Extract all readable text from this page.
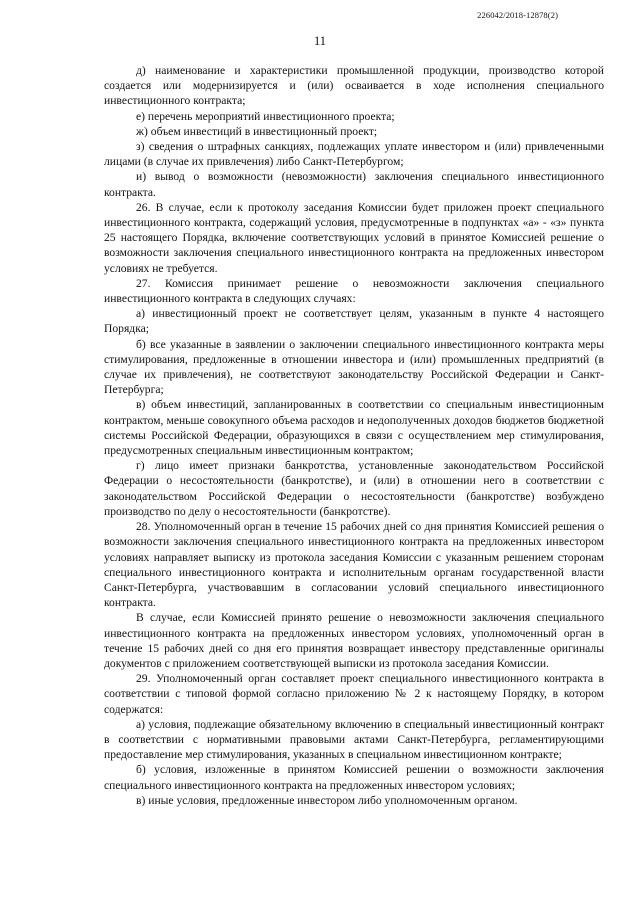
226042/2018-12878(2)
11

д) наименование и характеристики промышленной продукции, производство которой создается или модернизируется и (или) осваивается в ходе исполнения специального инвестиционного контракта;

е) перечень мероприятий инвестиционного проекта;

ж) объем инвестиций в инвестиционный проект;

з) сведения о штрафных санкциях, подлежащих уплате инвестором и (или) привлеченными лицами (в случае их привлечения) либо Санкт-Петербургом;

и) вывод о возможности (невозможности) заключения специального инвестиционного контракта.

26. В случае, если к протоколу заседания Комиссии будет приложен проект специального инвестиционного контракта, содержащий условия, предусмотренные в подпунктах «а» - «з» пункта 25 настоящего Порядка, включение соответствующих условий в принятое Комиссией решение о возможности заключения специального инвестиционного контракта на предложенных инвестором условиях не требуется.

27. Комиссия принимает решение о невозможности заключения специального инвестиционного контракта в следующих случаях:

а) инвестиционный проект не соответствует целям, указанным в пункте 4 настоящего Порядка;

б) все указанные в заявлении о заключении специального инвестиционного контракта меры стимулирования, предложенные в отношении инвестора и (или) промышленных предприятий (в случае их привлечения), не соответствуют законодательству Российской Федерации и Санкт-Петербурга;

в) объем инвестиций, запланированных в соответствии со специальным инвестиционным контрактом, меньше совокупного объема расходов и недополученных доходов бюджетов бюджетной системы Российской Федерации, образующихся в связи с осуществлением мер стимулирования, предусмотренных специальным инвестиционным контрактом;

г) лицо имеет признаки банкротства, установленные законодательством Российской Федерации о несостоятельности (банкротстве), и (или) в отношении него в соответствии с законодательством Российской Федерации о несостоятельности (банкротстве) возбуждено производство по делу о несостоятельности (банкротстве).

28. Уполномоченный орган в течение 15 рабочих дней со дня принятия Комиссией решения о возможности заключения специального инвестиционного контракта на предложенных инвестором условиях направляет выписку из протокола заседания Комиссии с указанным решением сторонам специального инвестиционного контракта и исполнительным органам государственной власти Санкт-Петербурга, участвовавшим в согласовании условий специального инвестиционного контракта.

В случае, если Комиссией принято решение о невозможности заключения специального инвестиционного контракта на предложенных инвестором условиях, уполномоченный орган в течение 15 рабочих дней со дня его принятия возвращает инвестору представленные оригиналы документов с приложением соответствующей выписки из протокола заседания Комиссии.

29. Уполномоченный орган составляет проект специального инвестиционного контракта в соответствии с типовой формой согласно приложению № 2 к настоящему Порядку, в котором содержатся:

а) условия, подлежащие обязательному включению в специальный инвестиционный контракт в соответствии с нормативными правовыми актами Санкт-Петербурга, регламентирующими предоставление мер стимулирования, указанных в специальном инвестиционном контракте;

б) условия, изложенные в принятом Комиссией решении о возможности заключения специального инвестиционного контракта на предложенных инвестором условиях;

в) иные условия, предложенные инвестором либо уполномоченным органом.
